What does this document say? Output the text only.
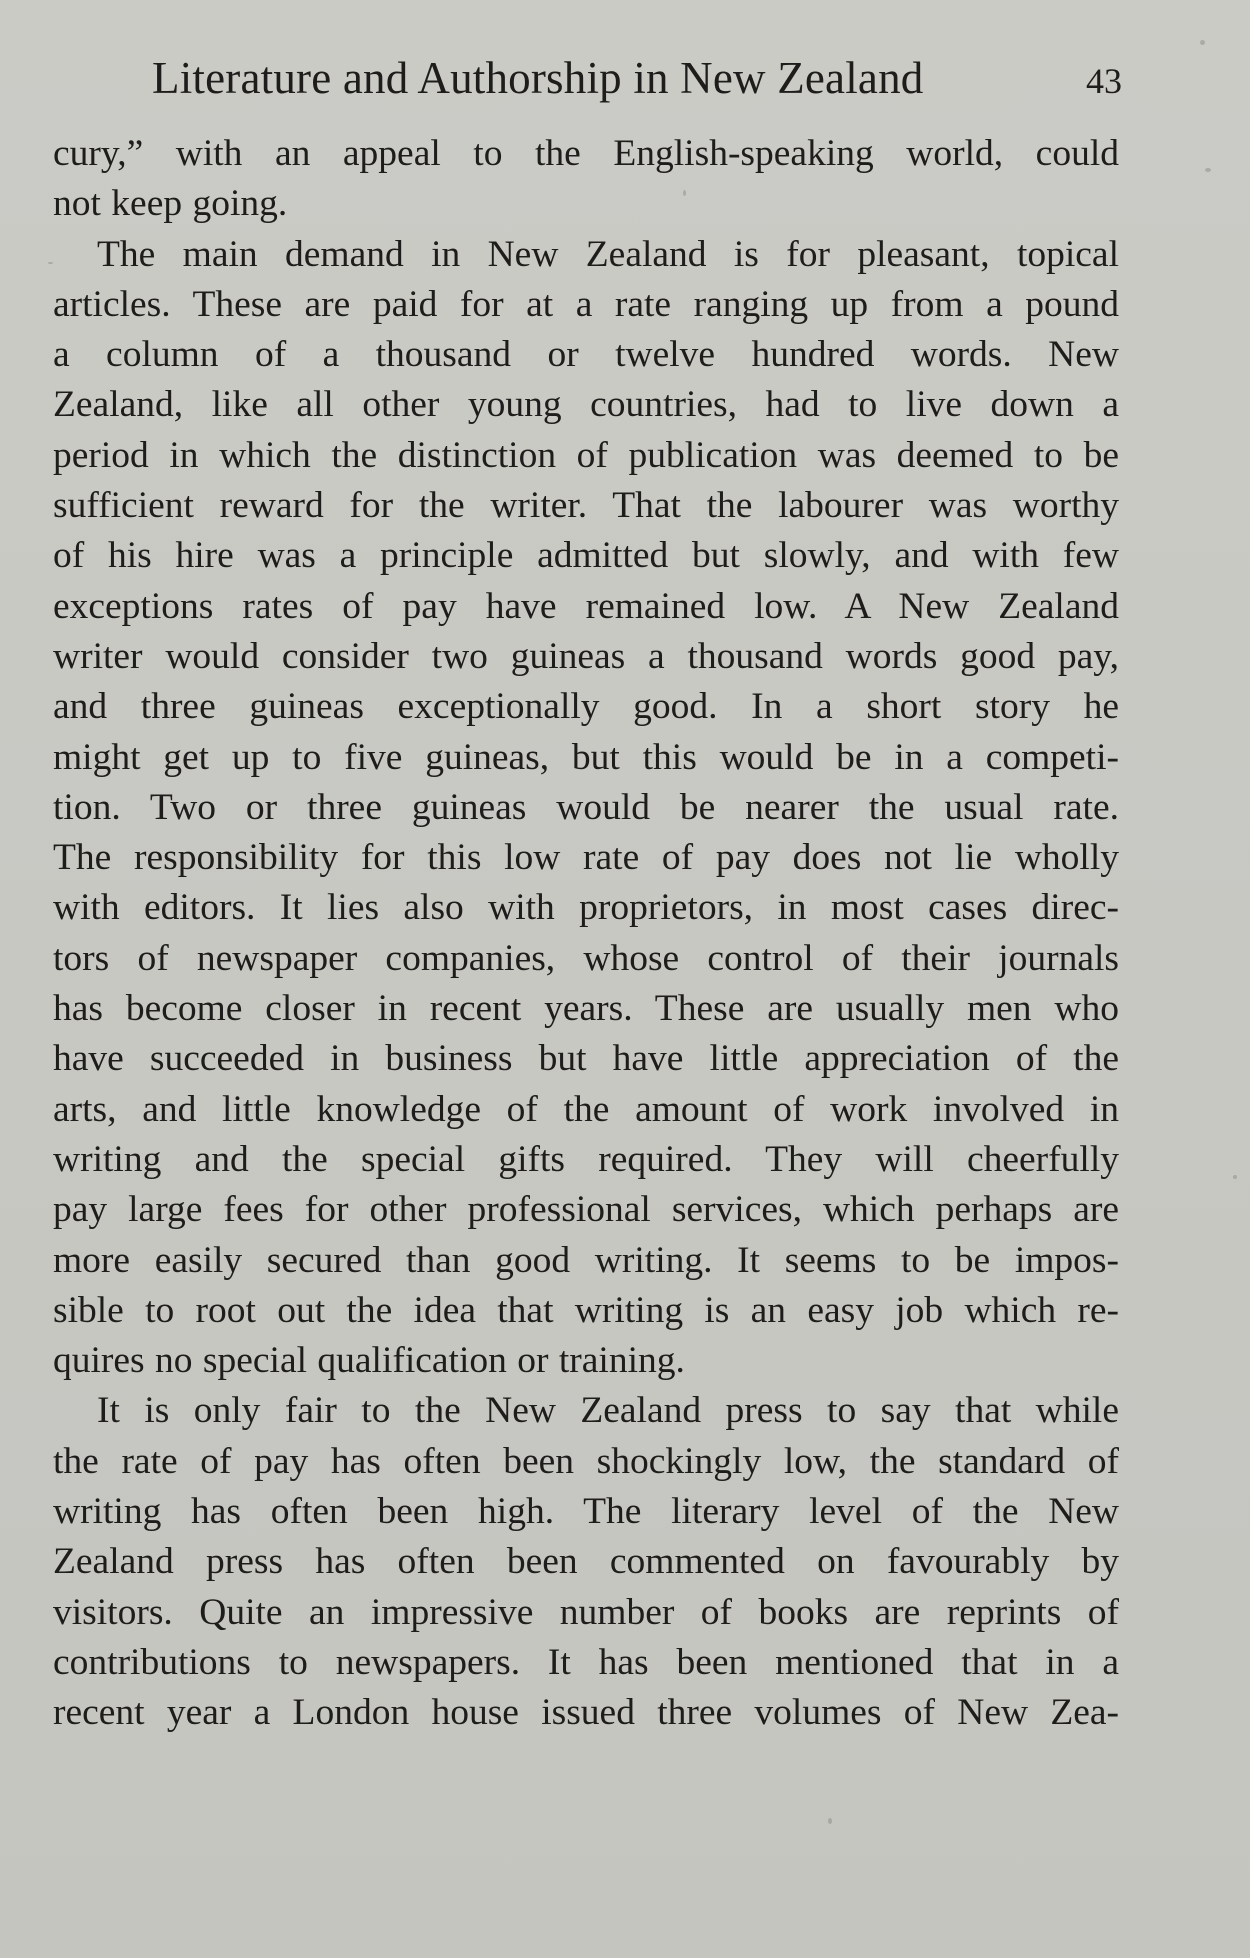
Literature and Authorship in New Zealand	43
cury,” with an appeal to the English-speaking world, could
not keep going.
The main demand in New Zealand is for pleasant, topical
articles. These are paid for at a rate ranging up from a pound
a column of a thousand or twelve hundred words. New
Zealand, like all other young countries, had to live down a
period in which the distinction of publication was deemed to be
sufficient reward for the writer. That the labourer was worthy
of his hire was a principle admitted but slowly, and with few
exceptions rates of pay have remained low. A New Zealand
writer would consider two guineas a thousand words good pay,
and three guineas exceptionally good. In a short story he
might get up to five guineas, but this would be in a competi-
tion. Two or three guineas would be nearer the usual rate.
The responsibility for this low rate of pay does not lie wholly
with editors. It lies also with proprietors, in most cases direc-
tors of newspaper companies, whose control of their journals
has become closer in recent years. These are usually men who
have succeeded in business but have little appreciation of the
arts, and little knowledge of the amount of work involved in
writing and the special gifts required. They will cheerfully
pay large fees for other professional services, which perhaps are
more easily secured than good writing. It seems to be impos-
sible to root out the idea that writing is an easy job which re-
quires no special qualification or training.
It is only fair to the New Zealand press to say that while
the rate of pay has often been shockingly low, the standard of
writing has often been high. The literary level of the New
Zealand press has often been commented on favourably by
visitors. Quite an impressive number of books are reprints of
contributions to newspapers. It has been mentioned that in a
recent year a London house issued three volumes of New Zea-
